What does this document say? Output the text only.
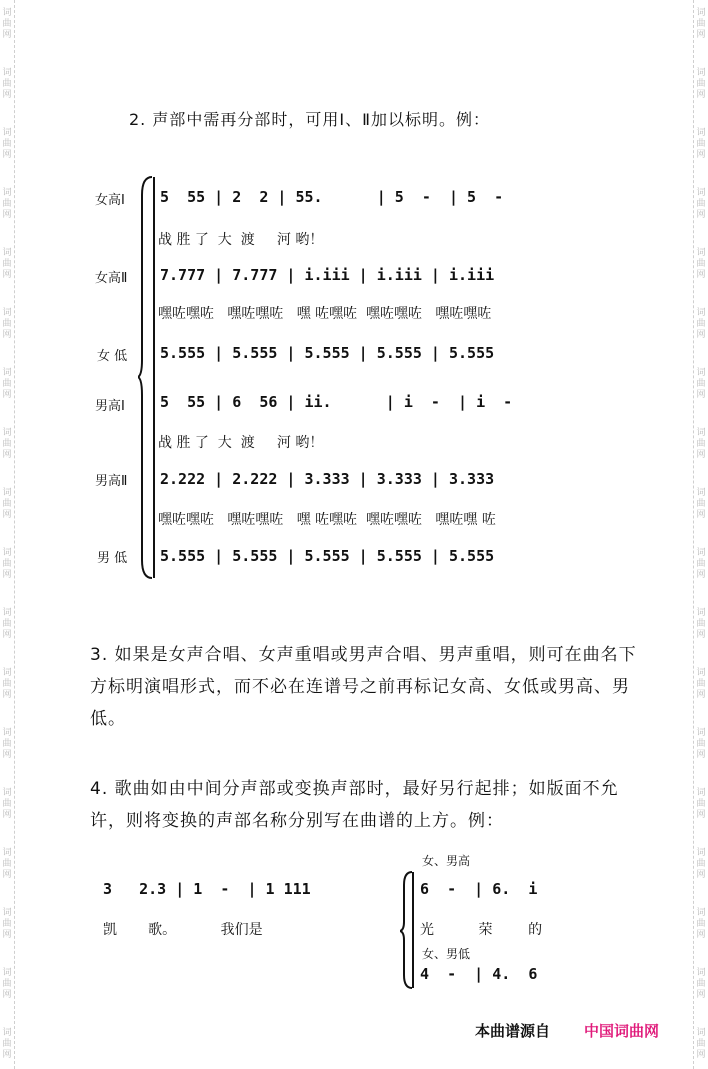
词
曲
网
词
曲
网
词
曲
网
词
曲
网
词
曲
网
词
曲
网
词
曲
网
词
曲
网
词
曲
网
词
曲
网
词
曲
网
词
曲
网
词
曲
网
词
曲
网
词
曲
网
词
曲
网
词
曲
网
词
曲
网
词
曲
网
词
曲
网
词
曲
网
词
曲
网
词
曲
网
词
曲
网
词
曲
网
词
曲
网
词
曲
网
词
曲
网
词
曲
网
词
曲
网
词
曲
网
词
曲
网
词
曲
网
词
曲
网
词
曲
网
词
曲
网
2. 声部中需再分部时，可用Ⅰ、Ⅱ加以标明。例：
女高Ⅰ
女高Ⅱ
女 低
男高Ⅰ
男高Ⅱ
男 低
5  55 | 2  2 | 55.      | 5  -  | 5  -
战 胜 了  大  渡     河 哟！
7.777 | 7.777 | i.iii | i.iii | i.iii
嘿咗嘿咗   嘿咗嘿咗   嘿 咗嘿咗  嘿咗嘿咗   嘿咗嘿咗
5.555 | 5.555 | 5.555 | 5.555 | 5.555
5  55 | 6  56 | ii.      | i  -  | i  -
战 胜 了  大  渡     河 哟！
2.222 | 2.222 | 3.333 | 3.333 | 3.333
嘿咗嘿咗   嘿咗嘿咗   嘿 咗嘿咗  嘿咗嘿咗   嘿咗嘿 咗
5.555 | 5.555 | 5.555 | 5.555 | 5.555
3. 如果是女声合唱、女声重唱或男声合唱、男声重唱，则可在曲名下方标明演唱形式，而不必在连谱号之前再标记女高、女低或男高、男低。
4. 歌曲如由中间分声部或变换声部时，最好另行起排；如版面不允许，则将变换的声部名称分别写在曲谱的上方。例：
3   2.3 | 1  -  | 1 111
凯       歌。          我们是
女、男高
6  -  | 6.  i
光          荣        的
女、男低
4  -  | 4.  6
本曲谱源自 中国词曲网
